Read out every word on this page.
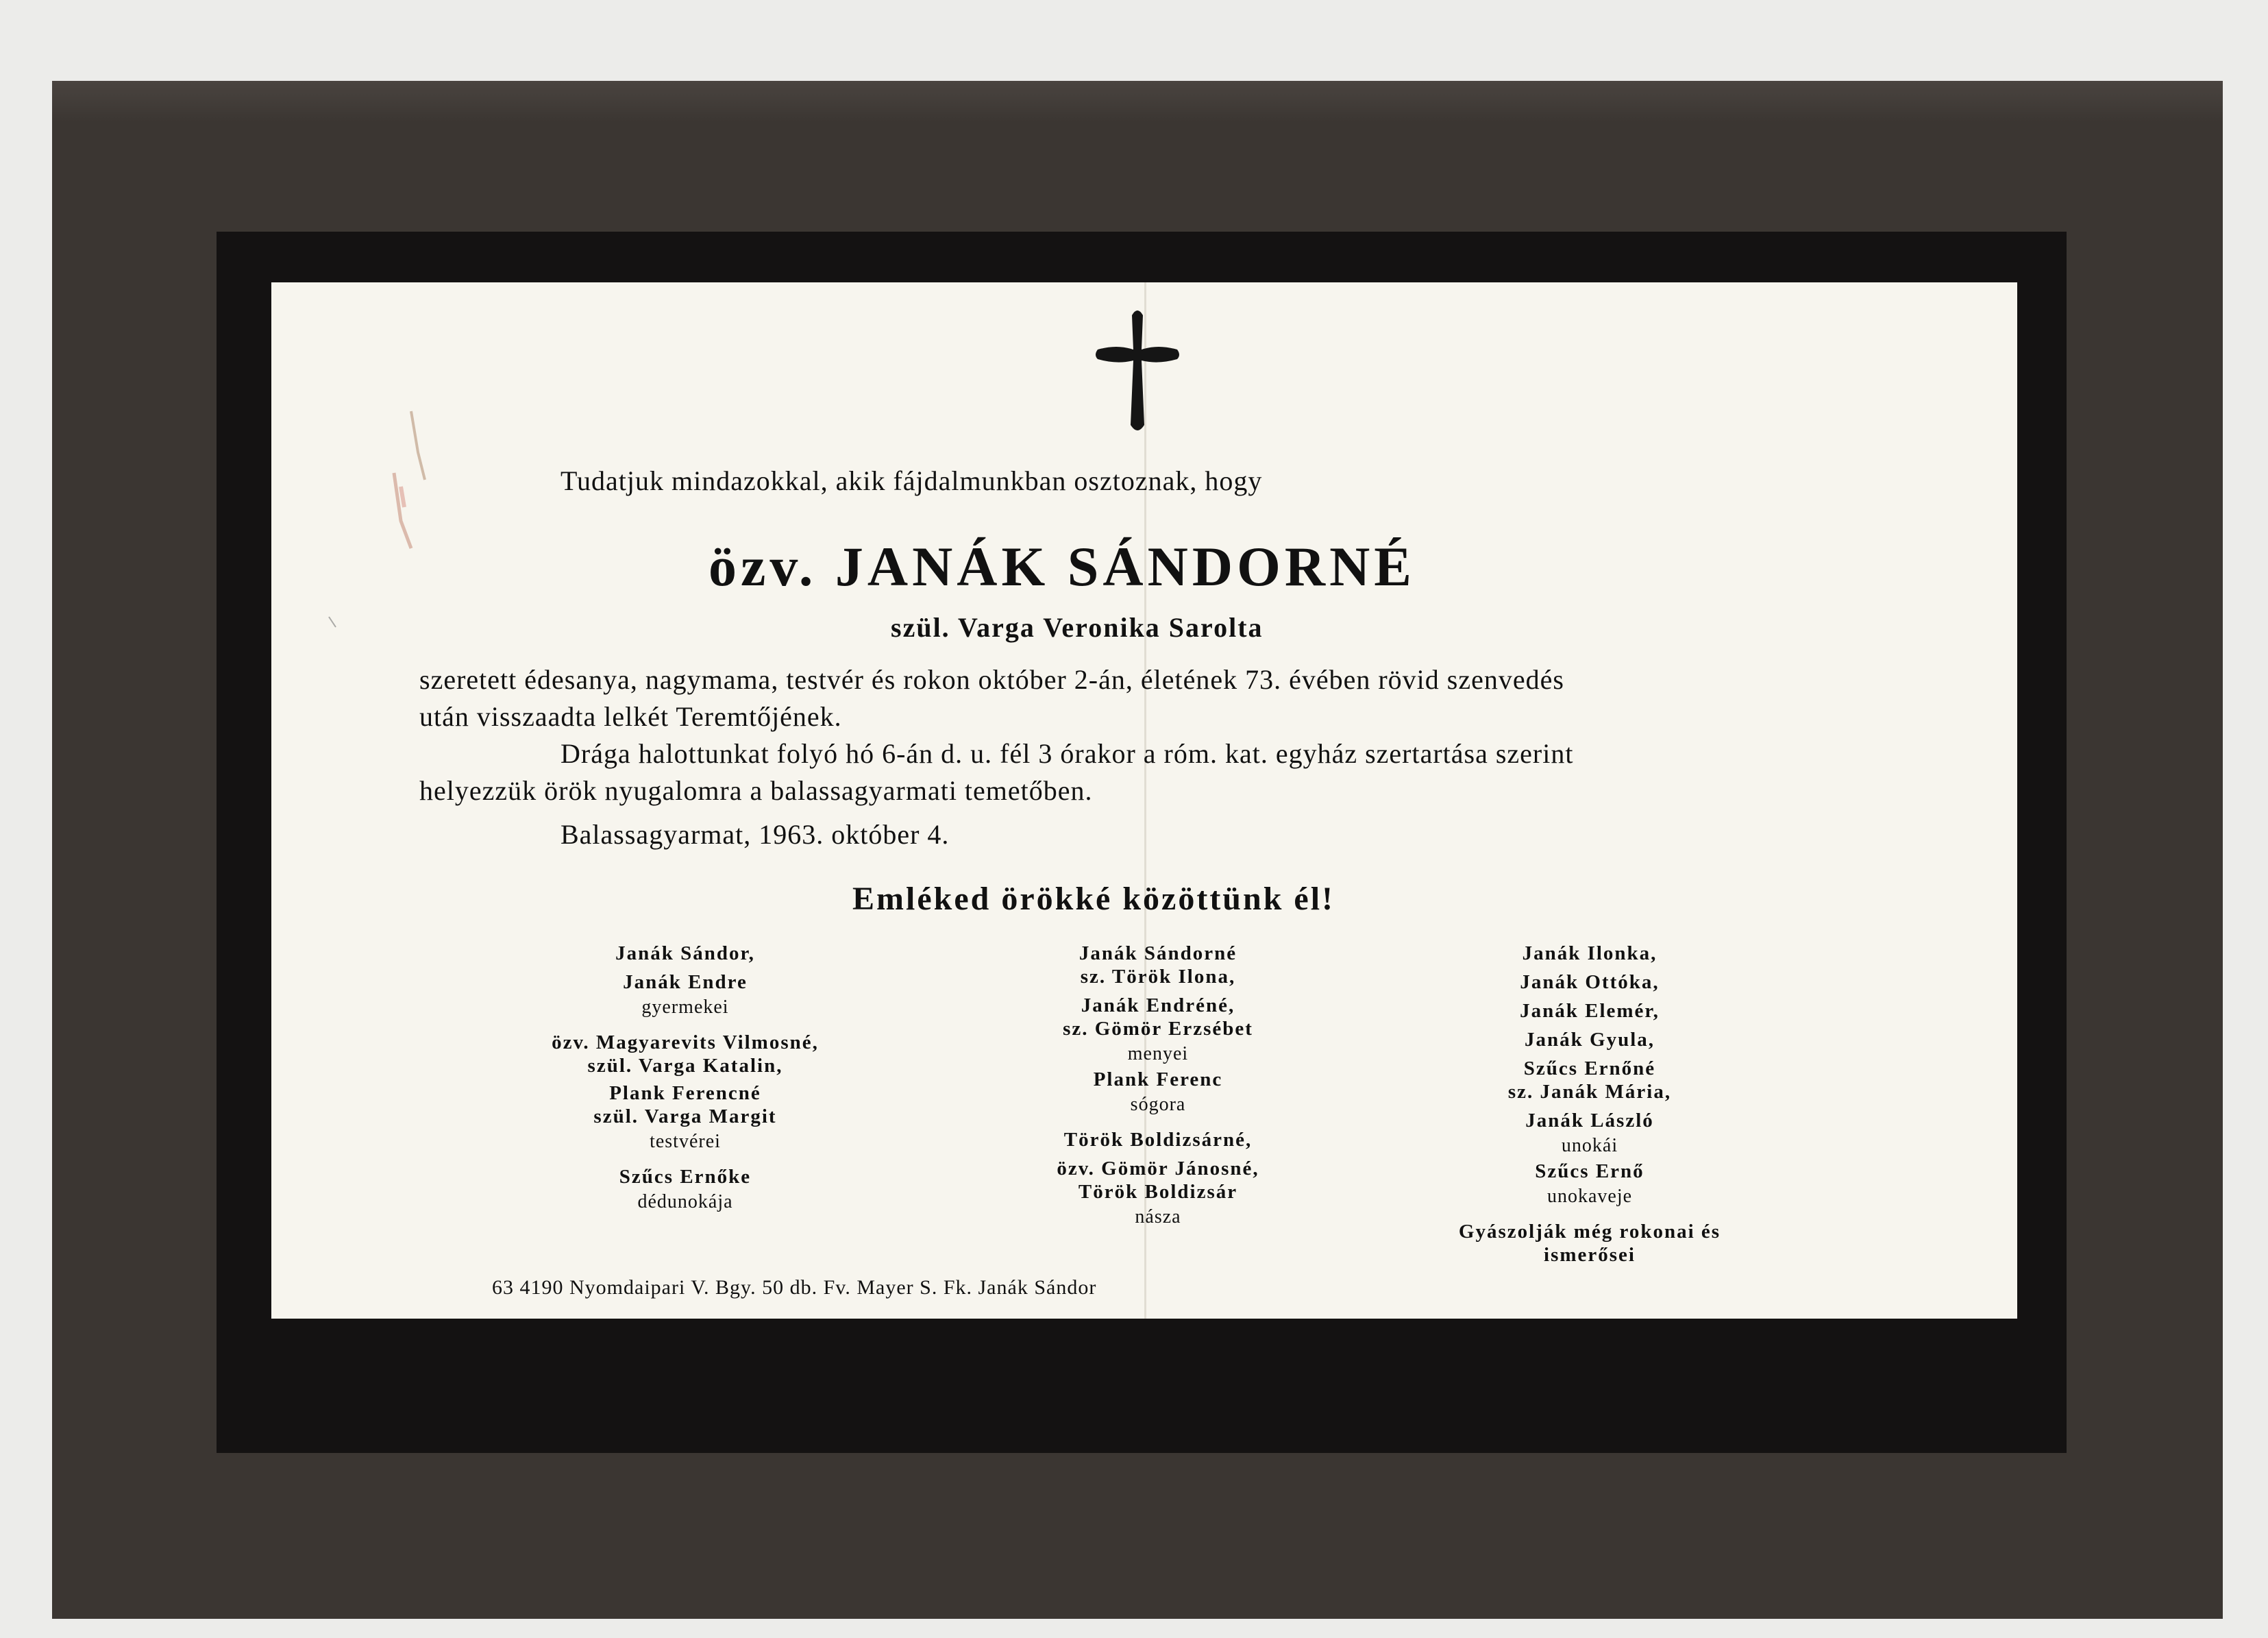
Tudatjuk mindazokkal, akik fájdalmunkban osztoznak, hogy
özv. JANÁK SÁNDORNÉ
szül. Varga Veronika Sarolta
szeretett édesanya, nagymama, testvér és rokon október 2-án, életének 73. évében rövid szenvedés
után visszaadta lelkét Teremtőjének.
Drága halottunkat folyó hó 6-án d. u. fél 3 órakor a róm. kat. egyház szertartása szerint
helyezzük örök nyugalomra a balassagyarmati temetőben.
Balassagyarmat, 1963. október 4.
Emléked örökké közöttünk él!
Janák Sándor,
Janák Endre
gyermekei
özv. Magyarevits Vilmosné,
szül. Varga Katalin,
Plank Ferencné
szül. Varga Margit
testvérei
Szűcs Ernőke
dédunokája
Janák Sándorné
sz. Török Ilona,
Janák Endréné,
sz. Gömör Erzsébet
menyei
Plank Ferenc
sógora
Török Boldizsárné,
özv. Gömör Jánosné,
Török Boldizsár
násza
Janák Ilonka,
Janák Ottóka,
Janák Elemér,
Janák Gyula,
Szűcs Ernőné
sz. Janák Mária,
Janák László
unokái
Szűcs Ernő
unokaveje
Gyászolják még rokonai és
ismerősei
63 4190 Nyomdaipari V. Bgy. 50 db. Fv. Mayer S. Fk. Janák Sándor
